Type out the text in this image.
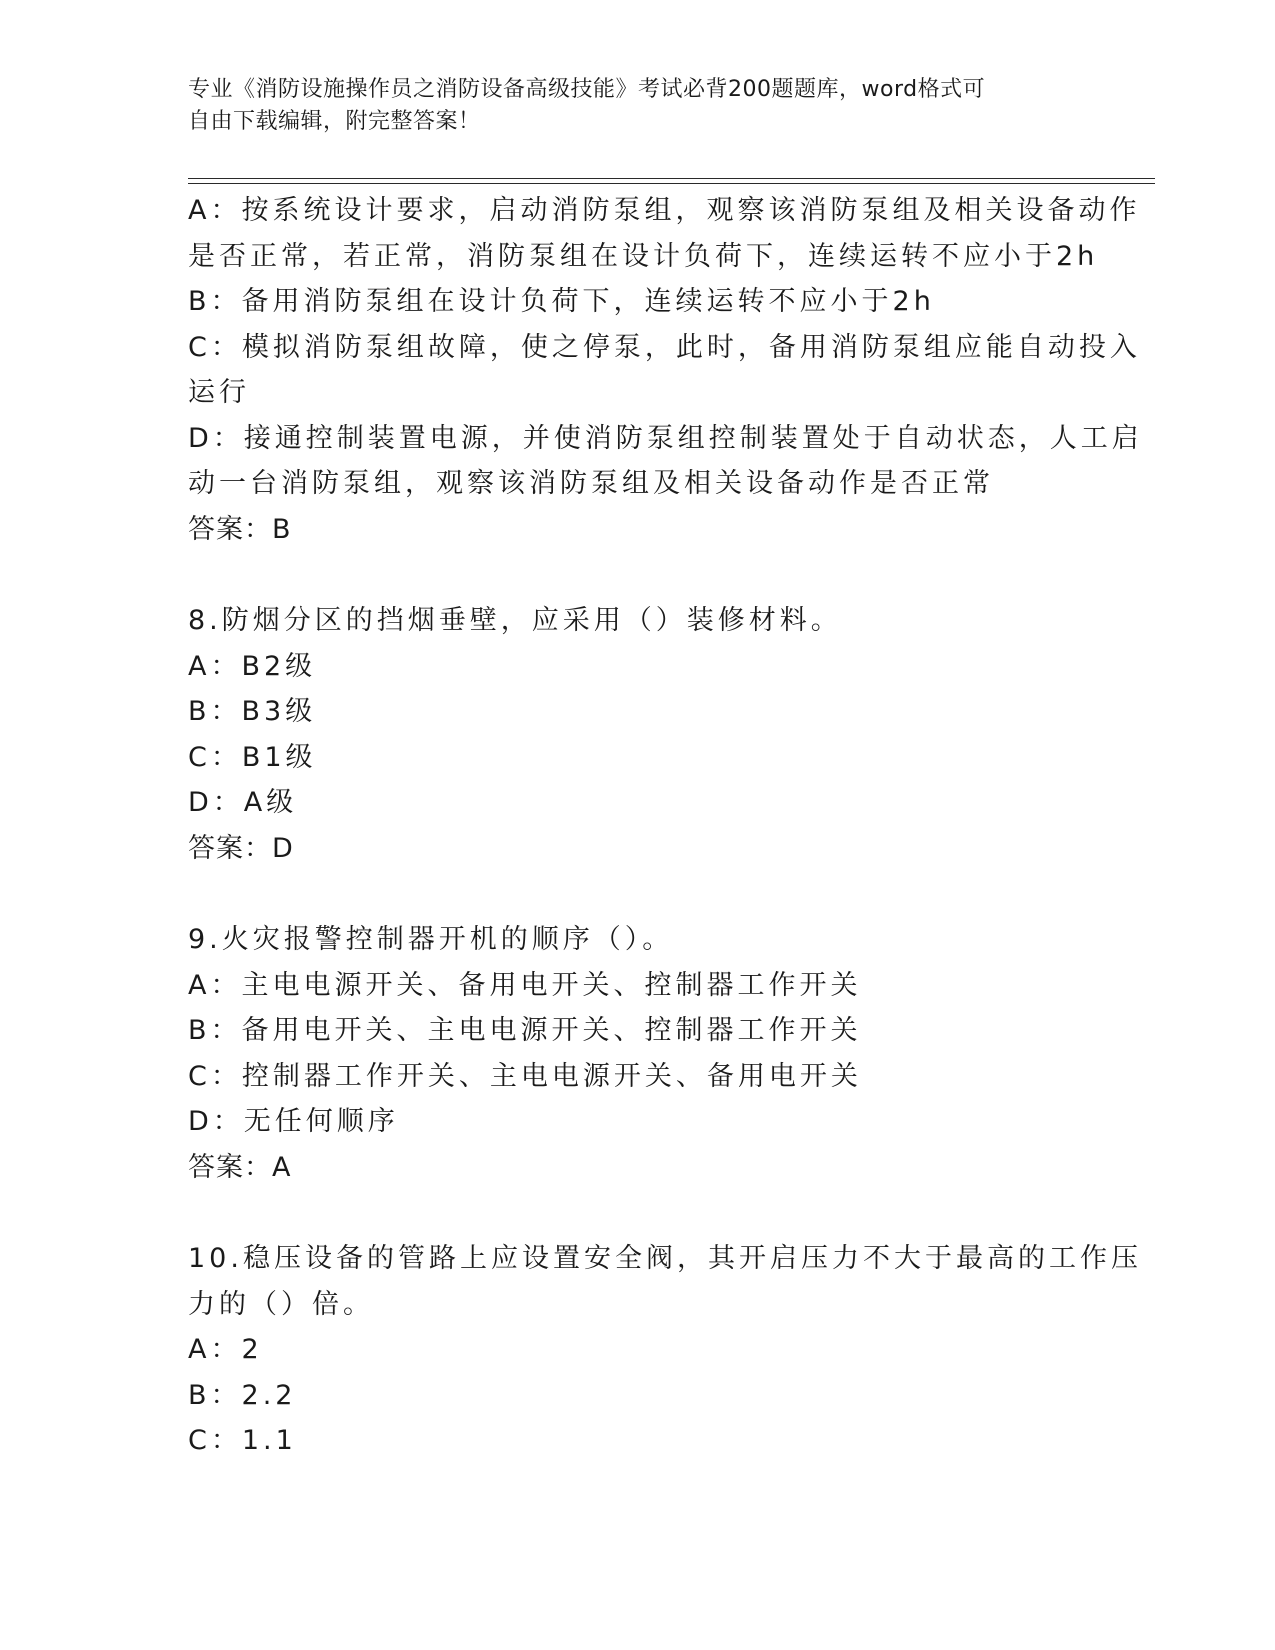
专业《消防设施操作员之消防设备高级技能》考试必背200题题库，word格式可
自由下载编辑，附完整答案！
A：按系统设计要求，启动消防泵组，观察该消防泵组及相关设备动作
是否正常，若正常，消防泵组在设计负荷下，连续运转不应小于2h
B：备用消防泵组在设计负荷下，连续运转不应小于2h
C：模拟消防泵组故障，使之停泵，此时，备用消防泵组应能自动投入
运行
D：接通控制装置电源，并使消防泵组控制装置处于自动状态，人工启
动一台消防泵组，观察该消防泵组及相关设备动作是否正常
答案：B
8.防烟分区的挡烟垂壁，应采用（）装修材料。
A：B2级
B：B3级
C：B1级
D：A级
答案：D
9.火灾报警控制器开机的顺序（）。
A：主电电源开关、备用电开关、控制器工作开关
B：备用电开关、主电电源开关、控制器工作开关
C：控制器工作开关、主电电源开关、备用电开关
D：无任何顺序
答案：A
10.稳压设备的管路上应设置安全阀，其开启压力不大于最高的工作压
力的（）倍。
A：2
B：2.2
C：1.1
